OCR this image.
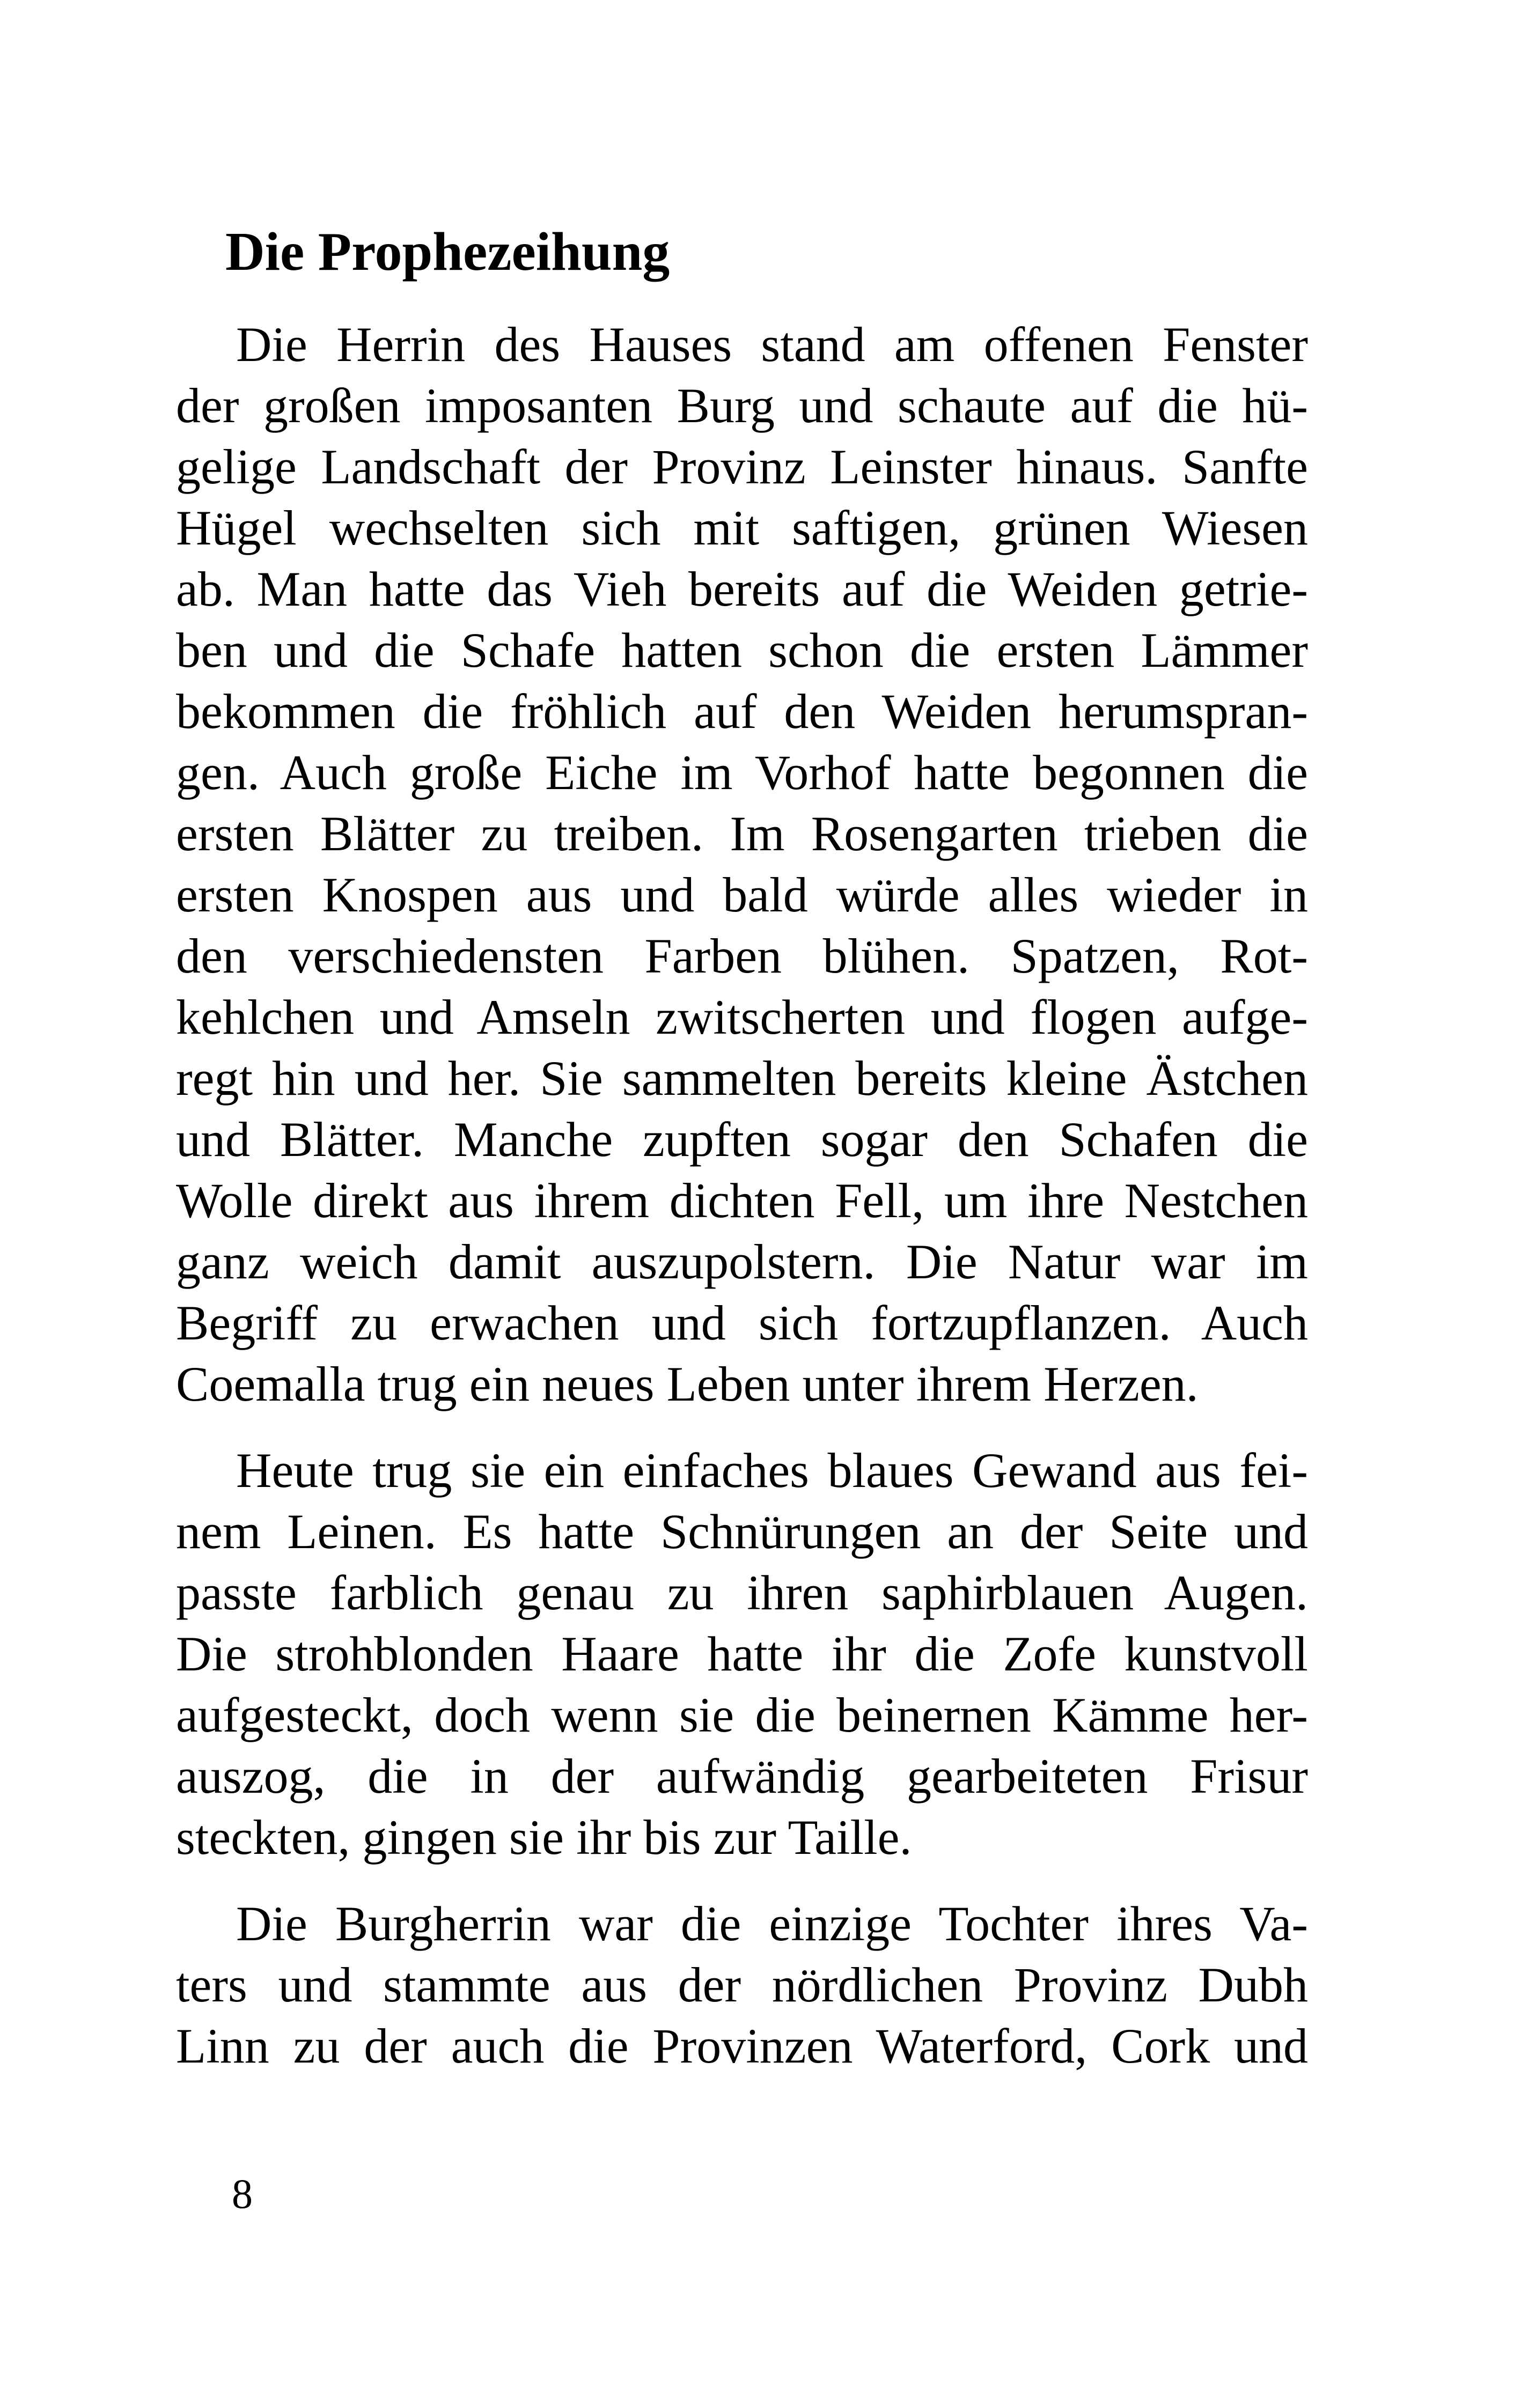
Die Prophezeihung
Die Herrin des Hauses stand am offenen Fenster
der großen imposanten Burg und schaute auf die hü-
gelige Landschaft der Provinz Leinster hinaus. Sanfte
Hügel wechselten sich mit saftigen, grünen Wiesen
ab. Man hatte das Vieh bereits auf die Weiden getrie-
ben und die Schafe hatten schon die ersten Lämmer
bekommen die fröhlich auf den Weiden herumspran-
gen. Auch große Eiche im Vorhof hatte begonnen die
ersten Blätter zu treiben. Im Rosengarten trieben die
ersten Knospen aus und bald würde alles wieder in
den verschiedensten Farben blühen. Spatzen, Rot-
kehlchen und Amseln zwitscherten und flogen aufge-
regt hin und her. Sie sammelten bereits kleine Ästchen
und Blätter. Manche zupften sogar den Schafen die
Wolle direkt aus ihrem dichten Fell, um ihre Nestchen
ganz weich damit auszupolstern. Die Natur war im
Begriff zu erwachen und sich fortzupflanzen. Auch
Coemalla trug ein neues Leben unter ihrem Herzen.
Heute trug sie ein einfaches blaues Gewand aus fei-
nem Leinen. Es hatte Schnürungen an der Seite und
passte farblich genau zu ihren saphirblauen Augen.
Die strohblonden Haare hatte ihr die Zofe kunstvoll
aufgesteckt, doch wenn sie die beinernen Kämme her-
auszog, die in der aufwändig gearbeiteten Frisur
steckten, gingen sie ihr bis zur Taille.
Die Burgherrin war die einzige Tochter ihres Va-
ters und stammte aus der nördlichen Provinz Dubh
Linn zu der auch die Provinzen Waterford, Cork und
8
